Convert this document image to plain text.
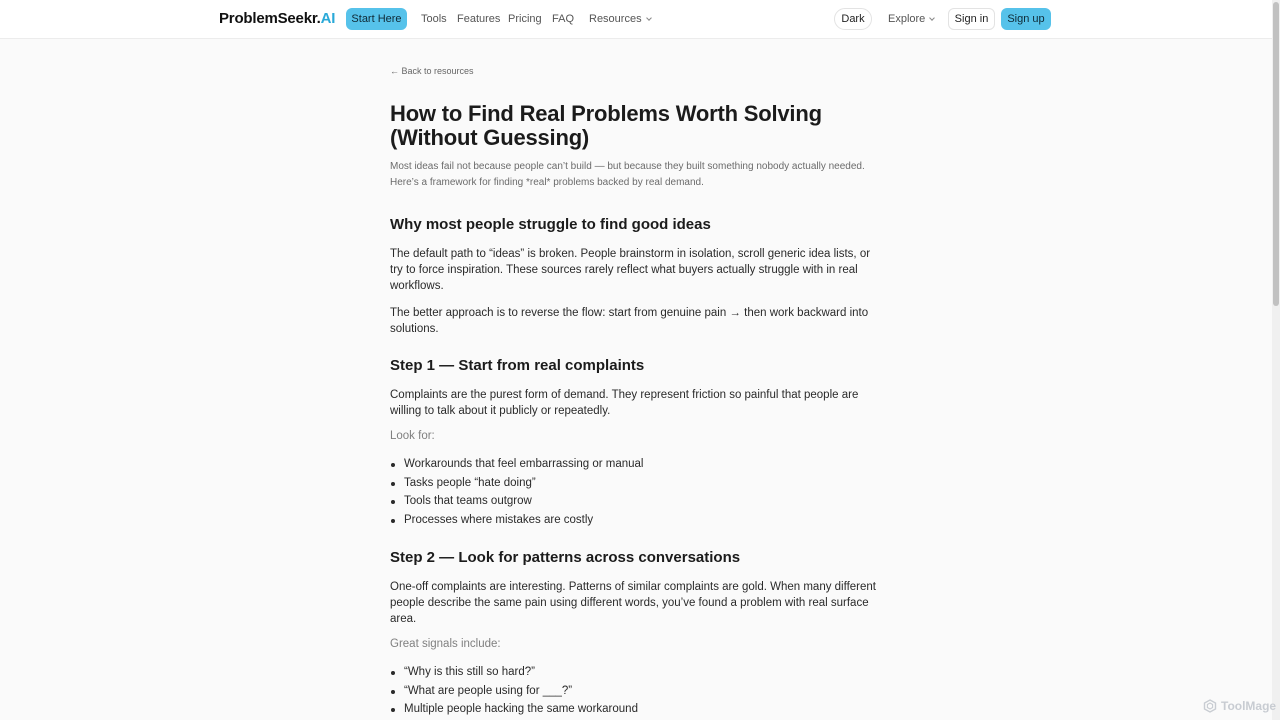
ProblemSeekr.AI	Start Here	Tools Features Pricing FAQ Resources	Dark	Explore	Sign in	Sign up
← Back to resources
How to Find Real Problems Worth Solving (Without Guessing)

Most ideas fail not because people can’t build — but because they built something nobody actually needed. Here’s a framework for finding *real* problems backed by real demand.

Why most people struggle to find good ideas

The default path to “ideas” is broken. People brainstorm in isolation, scroll generic idea lists, or try to force inspiration. These sources rarely reflect what buyers actually struggle with in real workflows.

The better approach is to reverse the flow: start from genuine pain → then work backward into solutions.

Step 1 — Start from real complaints

Complaints are the purest form of demand. They represent friction so painful that people are willing to talk about it publicly or repeatedly.

Look for:

Workarounds that feel embarrassing or manual
Tasks people “hate doing”
Tools that teams outgrow
Processes where mistakes are costly
Step 2 — Look for patterns across conversations

One-off complaints are interesting. Patterns of similar complaints are gold. When many different people describe the same pain using different words, you’ve found a problem with real surface area.

Great signals include:

“Why is this still so hard?”
“What are people using for ___?”
Multiple people hacking the same workaround	ToolMage
